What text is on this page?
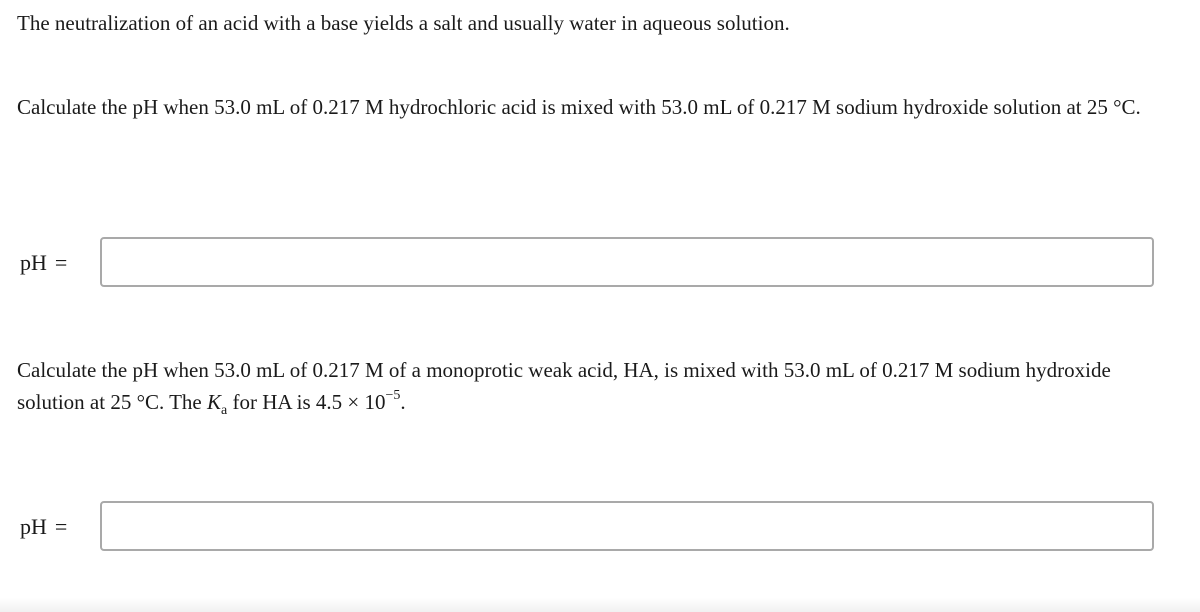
The neutralization of an acid with a base yields a salt and usually water in aqueous solution.

Calculate the pH when 53.0 mL of 0.217 M hydrochloric acid is mixed with 53.0 mL of 0.217 M sodium hydroxide solution at 25 °C.

pH =

Calculate the pH when 53.0 mL of 0.217 M of a monoprotic weak acid, HA, is mixed with 53.0 mL of 0.217 M sodium hydroxide solution at 25 °C. The $K_a$ for HA is $4.5 \times 10^{-5}$.

pH =
